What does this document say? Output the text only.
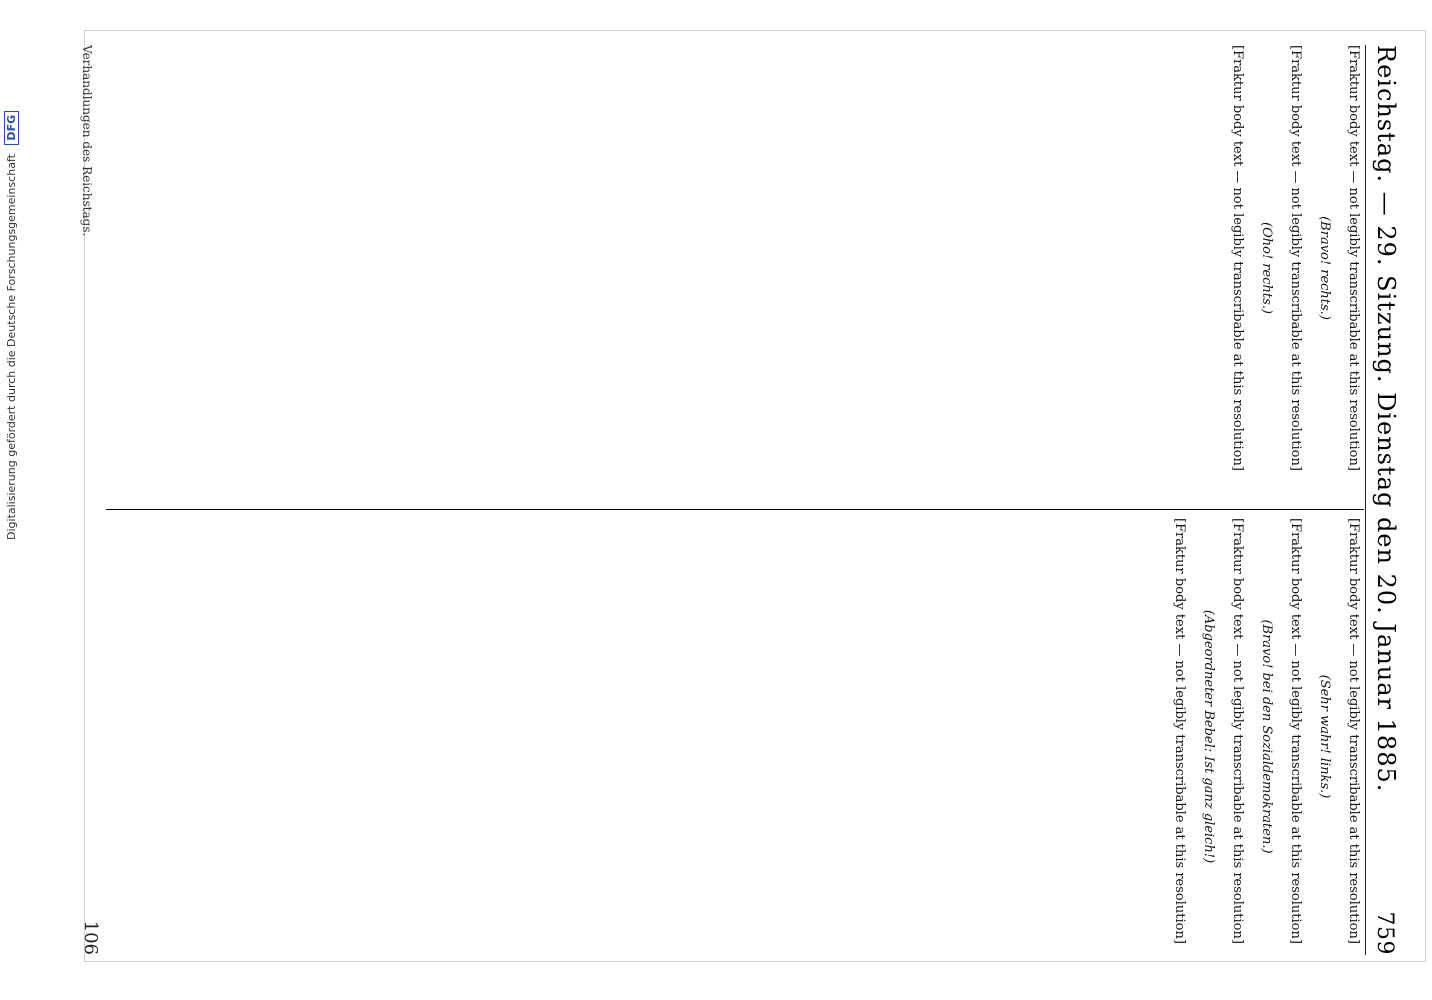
Digitalisierung gefördert durch die Deutsche Forschungsgemeinschaft DFG	Reichstag. — 29. Sitzung. Dienstag den 20. Januar 1885.
759

[Fraktur body text — not legibly transcribable at this resolution]

(Bravo! rechts.)

[Fraktur body text — not legibly transcribable at this resolution]

(Oho! rechts.)

[Fraktur body text — not legibly transcribable at this resolution]

[Fraktur body text — not legibly transcribable at this resolution]

(Sehr wahr! links.)

[Fraktur body text — not legibly transcribable at this resolution]

(Bravo! bei den Sozialdemokraten.)

[Fraktur body text — not legibly transcribable at this resolution]

(Abgeordneter Bebel: Ist ganz gleich!)

[Fraktur body text — not legibly transcribable at this resolution]

Verhandlungen des Reichstags.
106
